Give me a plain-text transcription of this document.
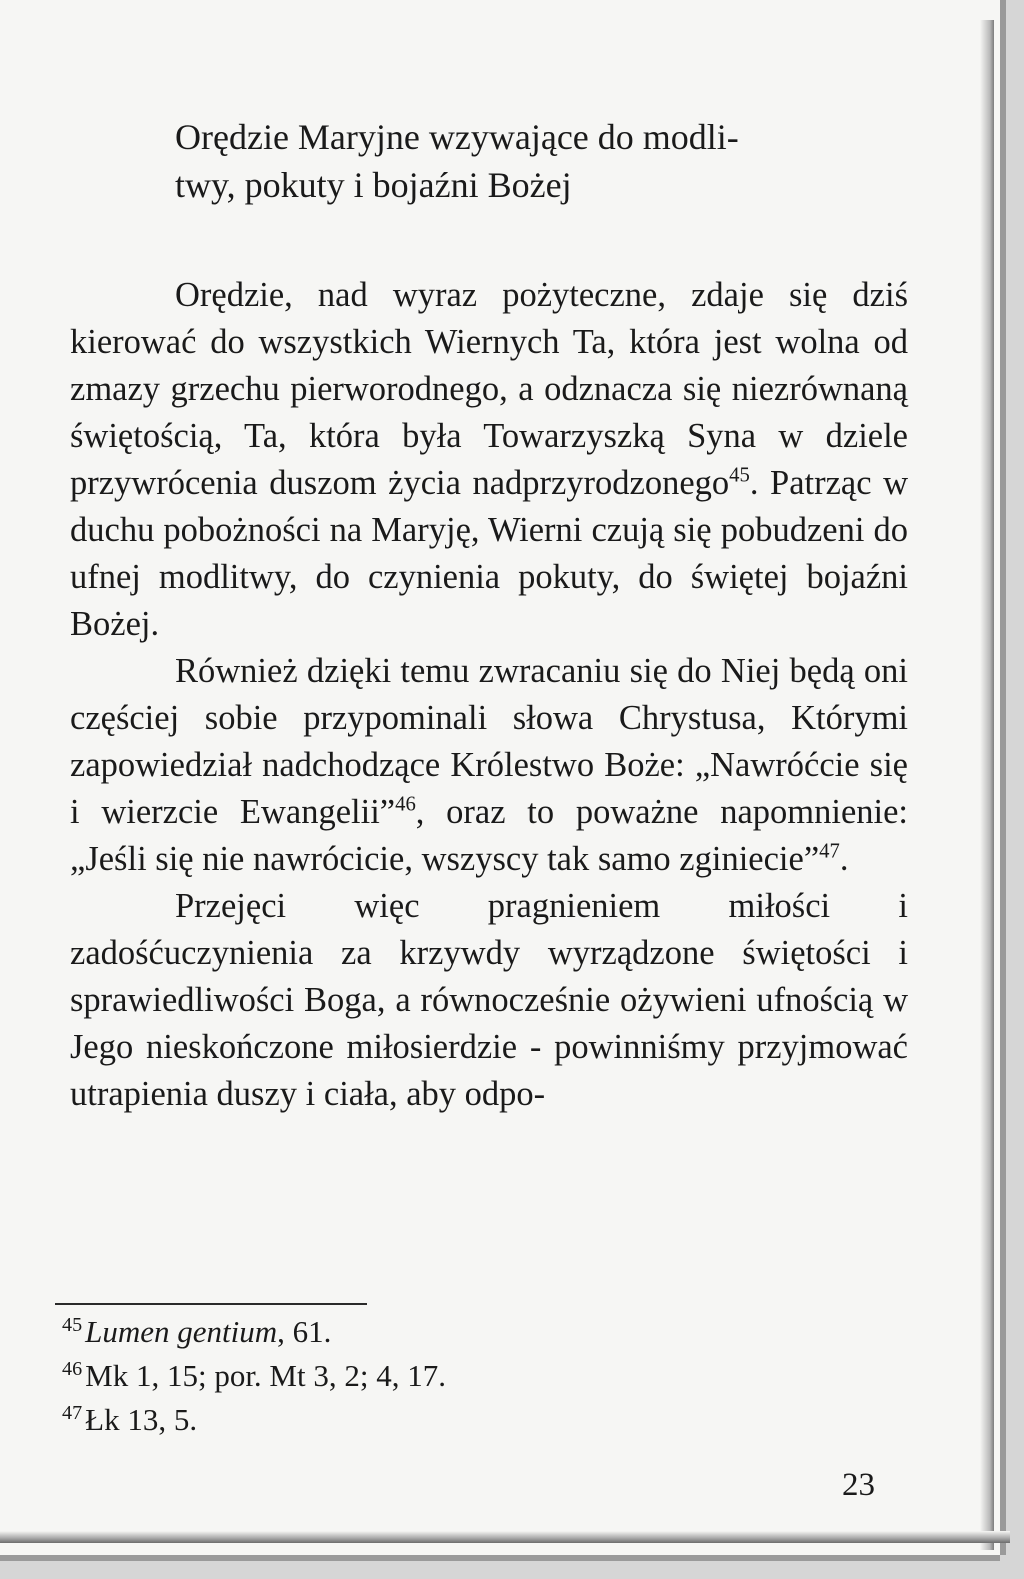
Orędzie Maryjne wzywające do modli-
twy, pokuty i bojaźni Bożej

Orędzie, nad wyraz pożyteczne, zdaje się dziś kierować do wszystkich Wiernych Ta, która jest wolna od zmazy grzechu pierworodnego, a odznacza się niezrównaną świętością, Ta, która była Towarzyszką Syna w dziele przywrócenia duszom życia nadprzyrodzonego$^{45}$. Patrząc w duchu pobożności na Maryję, Wierni czują się pobudzeni do ufnej modlitwy, do czynienia pokuty, do świętej bojaźni Bożej.

Również dzięki temu zwracaniu się do Niej będą oni częściej sobie przypominali słowa Chrystusa, Którymi zapowiedział nadchodzące Królestwo Boże: „Nawróćcie się i wierzcie Ewangelii”$^{46}$, oraz to poważne napomnienie: „Jeśli się nie nawrócicie, wszyscy tak samo zginiecie”$^{47}$.

Przejęci więc pragnieniem miłości i zadośćuczynienia za krzywdy wyrządzone świętości i sprawiedliwości Boga, a równocześnie ożywieni ufnością w Jego nieskończone miłosierdzie - powinniśmy przyjmować utrapienia duszy i ciała, aby odpo-

$^{45}$Lumen gentium, 61.

$^{46}$Mk 1, 15; por. Mt 3, 2; 4, 17.

$^{47}$Łk 13, 5.

23
